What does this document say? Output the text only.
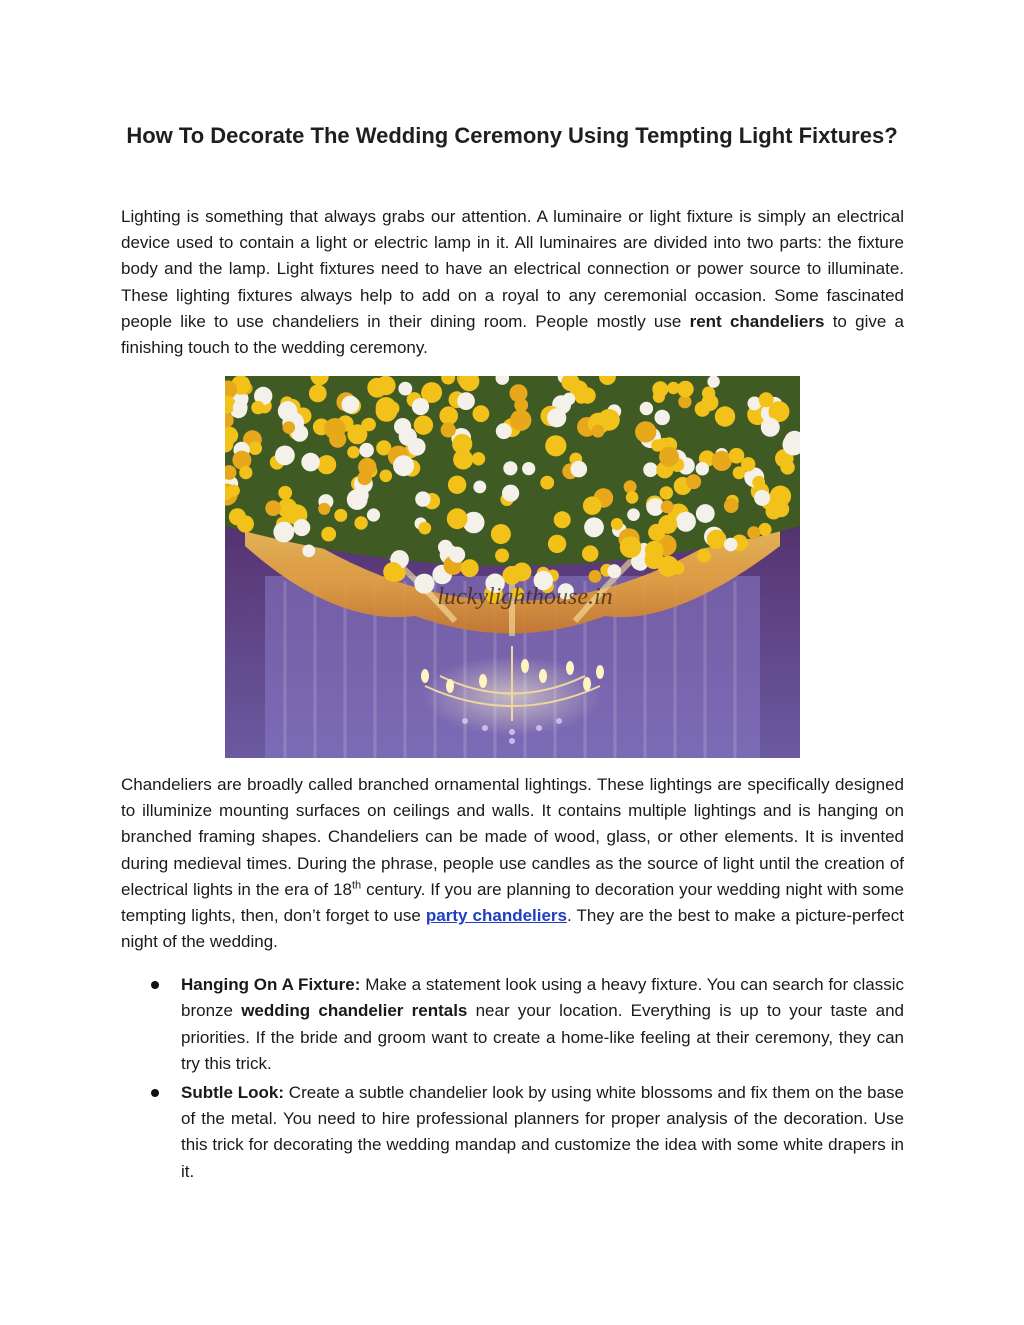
How To Decorate The Wedding Ceremony Using Tempting Light Fixtures?
Lighting is something that always grabs our attention. A luminaire or light fixture is simply an electrical device used to contain a light or electric lamp in it. All luminaires are divided into two parts: the fixture body and the lamp. Light fixtures need to have an electrical connection or power source to illuminate. These lighting fixtures always help to add on a royal to any ceremonial occasion. Some fascinated people like to use chandeliers in their dining room. People mostly use rent chandeliers to give a finishing touch to the wedding ceremony.
luckylighthouse.in
Chandeliers are broadly called branched ornamental lightings. These lightings are specifically designed to illuminize mounting surfaces on ceilings and walls. It contains multiple lightings and is hanging on branched framing shapes. Chandeliers can be made of wood, glass, or other elements. It is invented during medieval times. During the phrase, people use candles as the source of light until the creation of electrical lights in the era of 18th century. If you are planning to decoration your wedding night with some tempting lights, then, don’t forget to use party chandeliers. They are the best to make a picture-perfect night of the wedding.
Hanging On A Fixture: Make a statement look using a heavy fixture. You can search for classic bronze wedding chandelier rentals near your location. Everything is up to your taste and priorities. If the bride and groom want to create a home-like feeling at their ceremony, they can try this trick.
Subtle Look: Create a subtle chandelier look by using white blossoms and fix them on the base of the metal. You need to hire professional planners for proper analysis of the decoration. Use this trick for decorating the wedding mandap and customize the idea with some white drapers in it.
